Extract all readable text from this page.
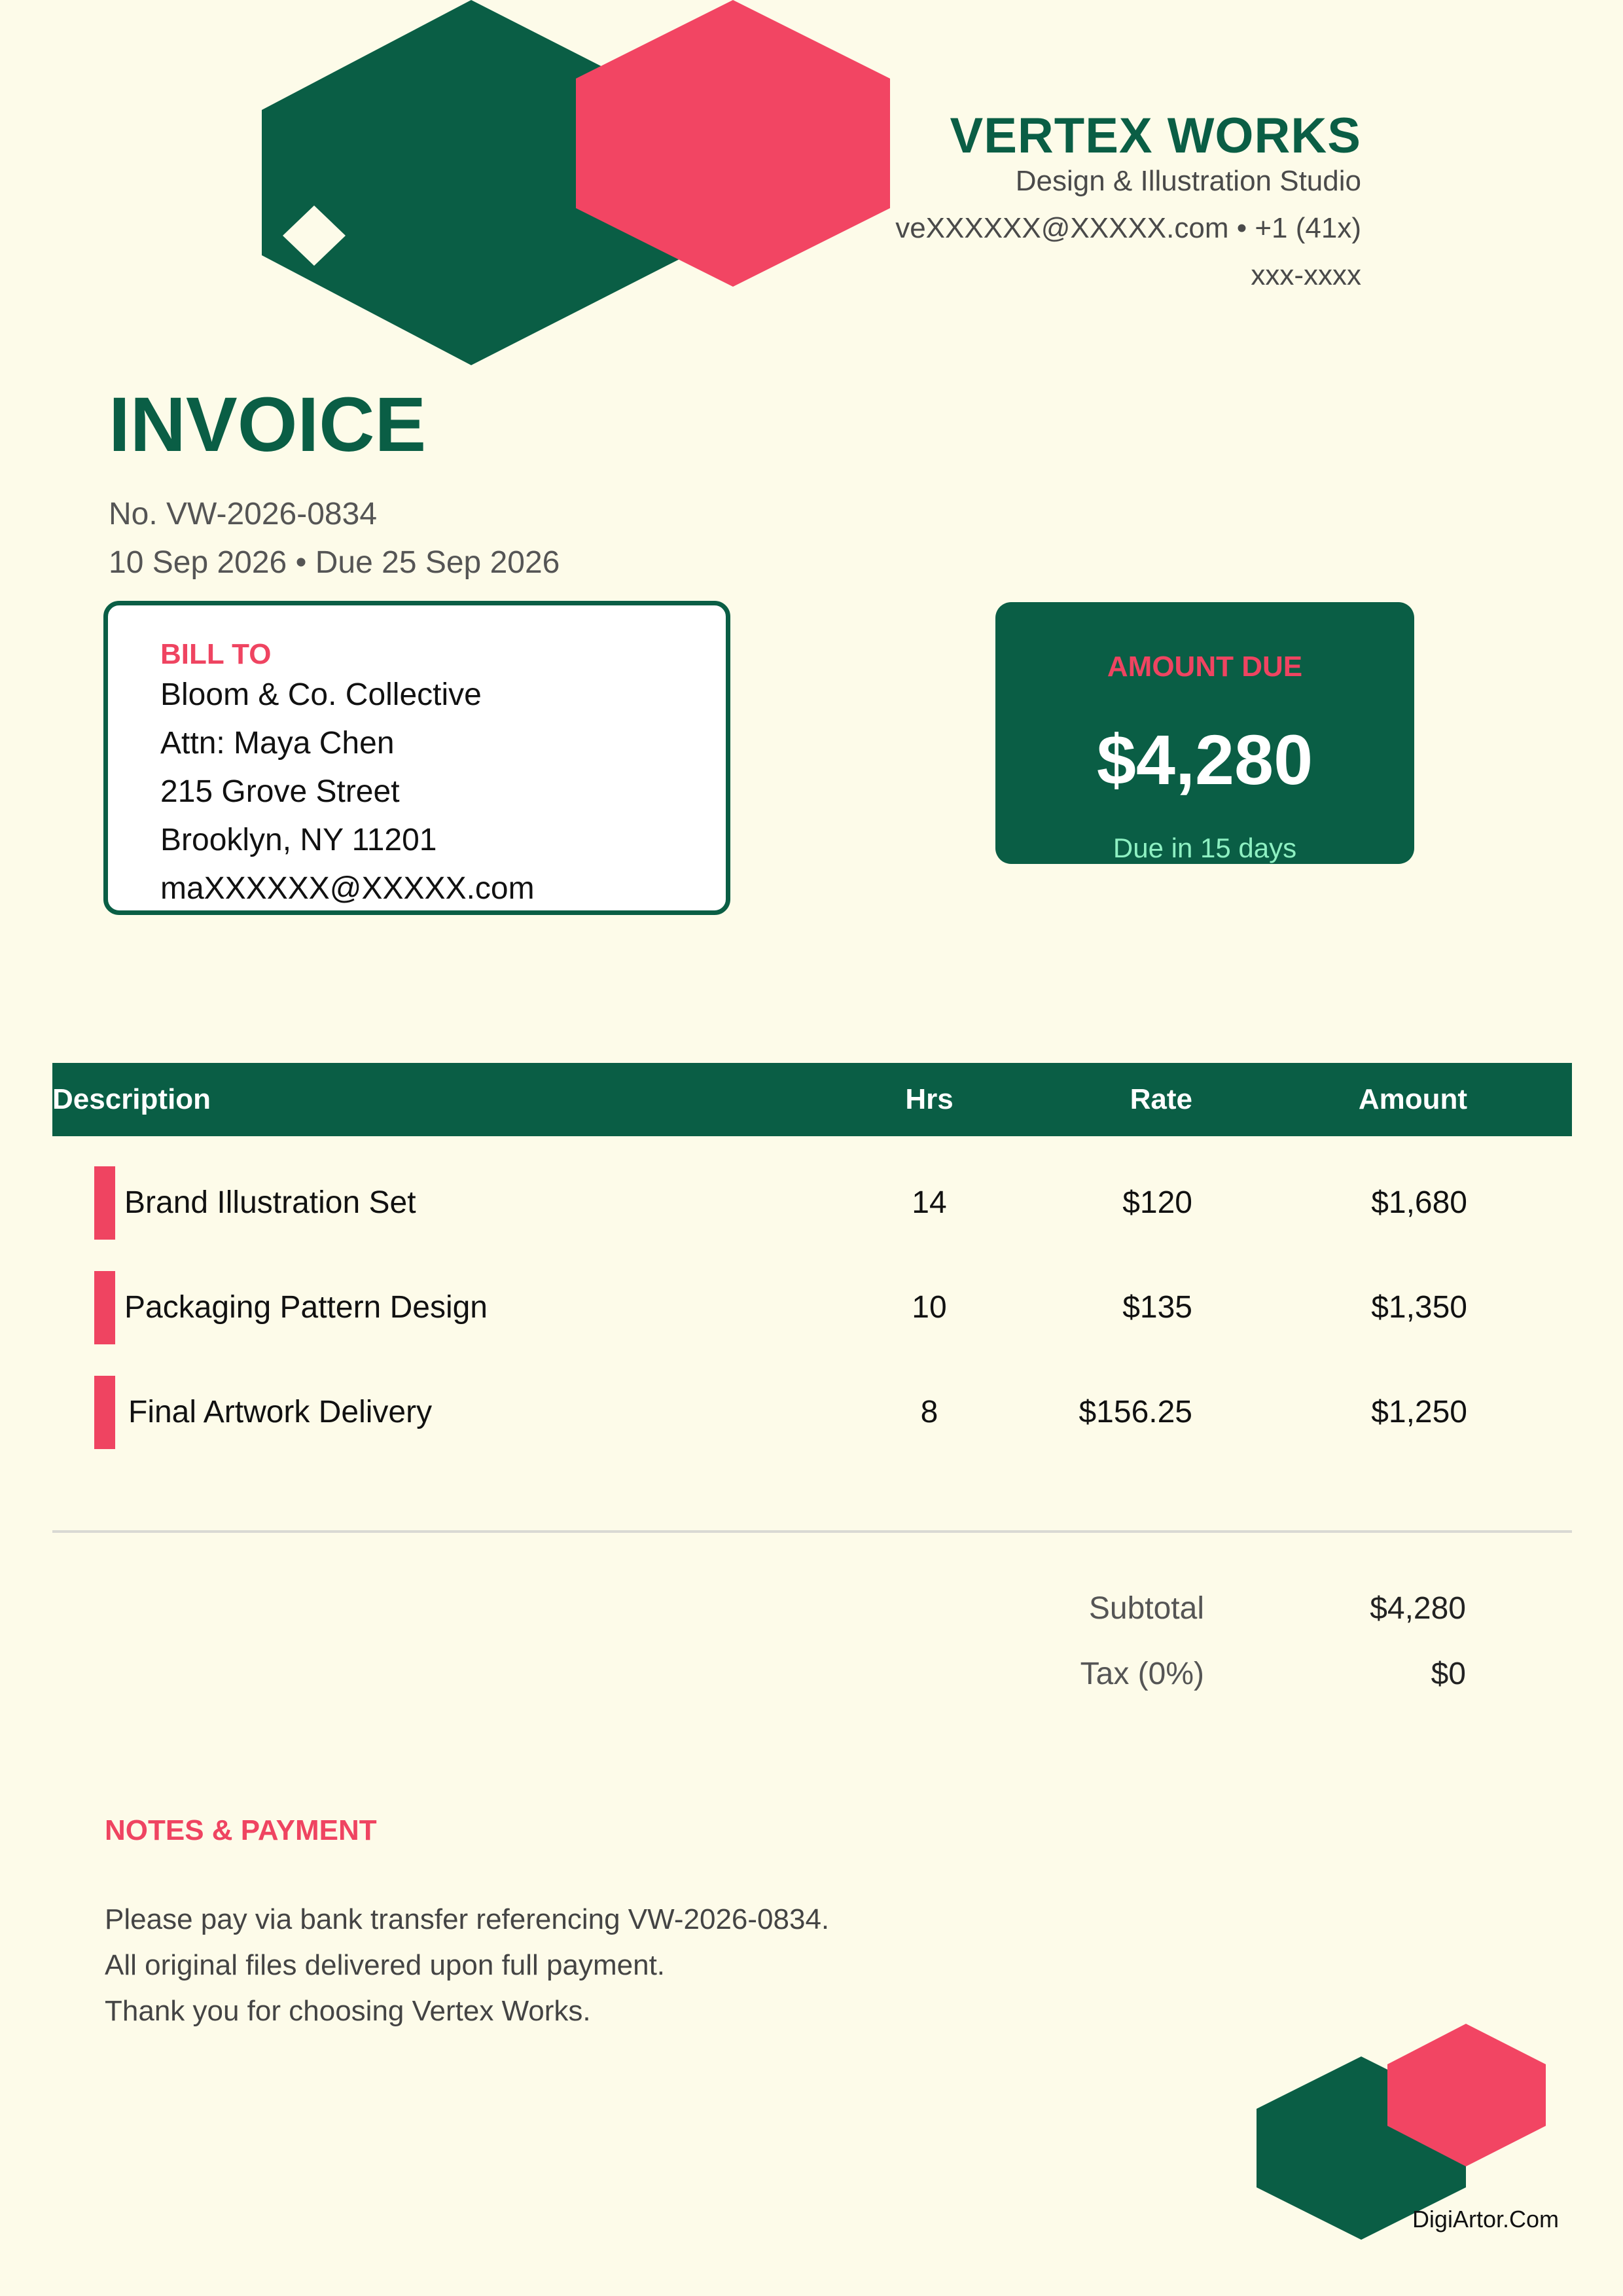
VERTEX WORKS
Design & Illustration Studio
veXXXXXX@XXXXX.com • +1 (41x)
xxx-xxxx
INVOICE
No. VW-2026-0834
10 Sep 2026 • Due 25 Sep 2026
BILL TO
Bloom & Co. Collective
Attn: Maya Chen
215 Grove Street
Brooklyn, NY 11201
maXXXXXX@XXXXX.com
AMOUNT DUE
$4,280
Due in 15 days
Description	Hrs	Rate	Amount
Brand Illustration Set	14	$120	$1,680
Packaging Pattern Design	10	$135	$1,350
Final Artwork Delivery	8	$156.25	$1,250
Subtotal	$4,280
Tax (0%)	$0
NOTES & PAYMENT
Please pay via bank transfer referencing VW-2026-0834.
All original files delivered upon full payment.
Thank you for choosing Vertex Works.
DigiArtor.Com
